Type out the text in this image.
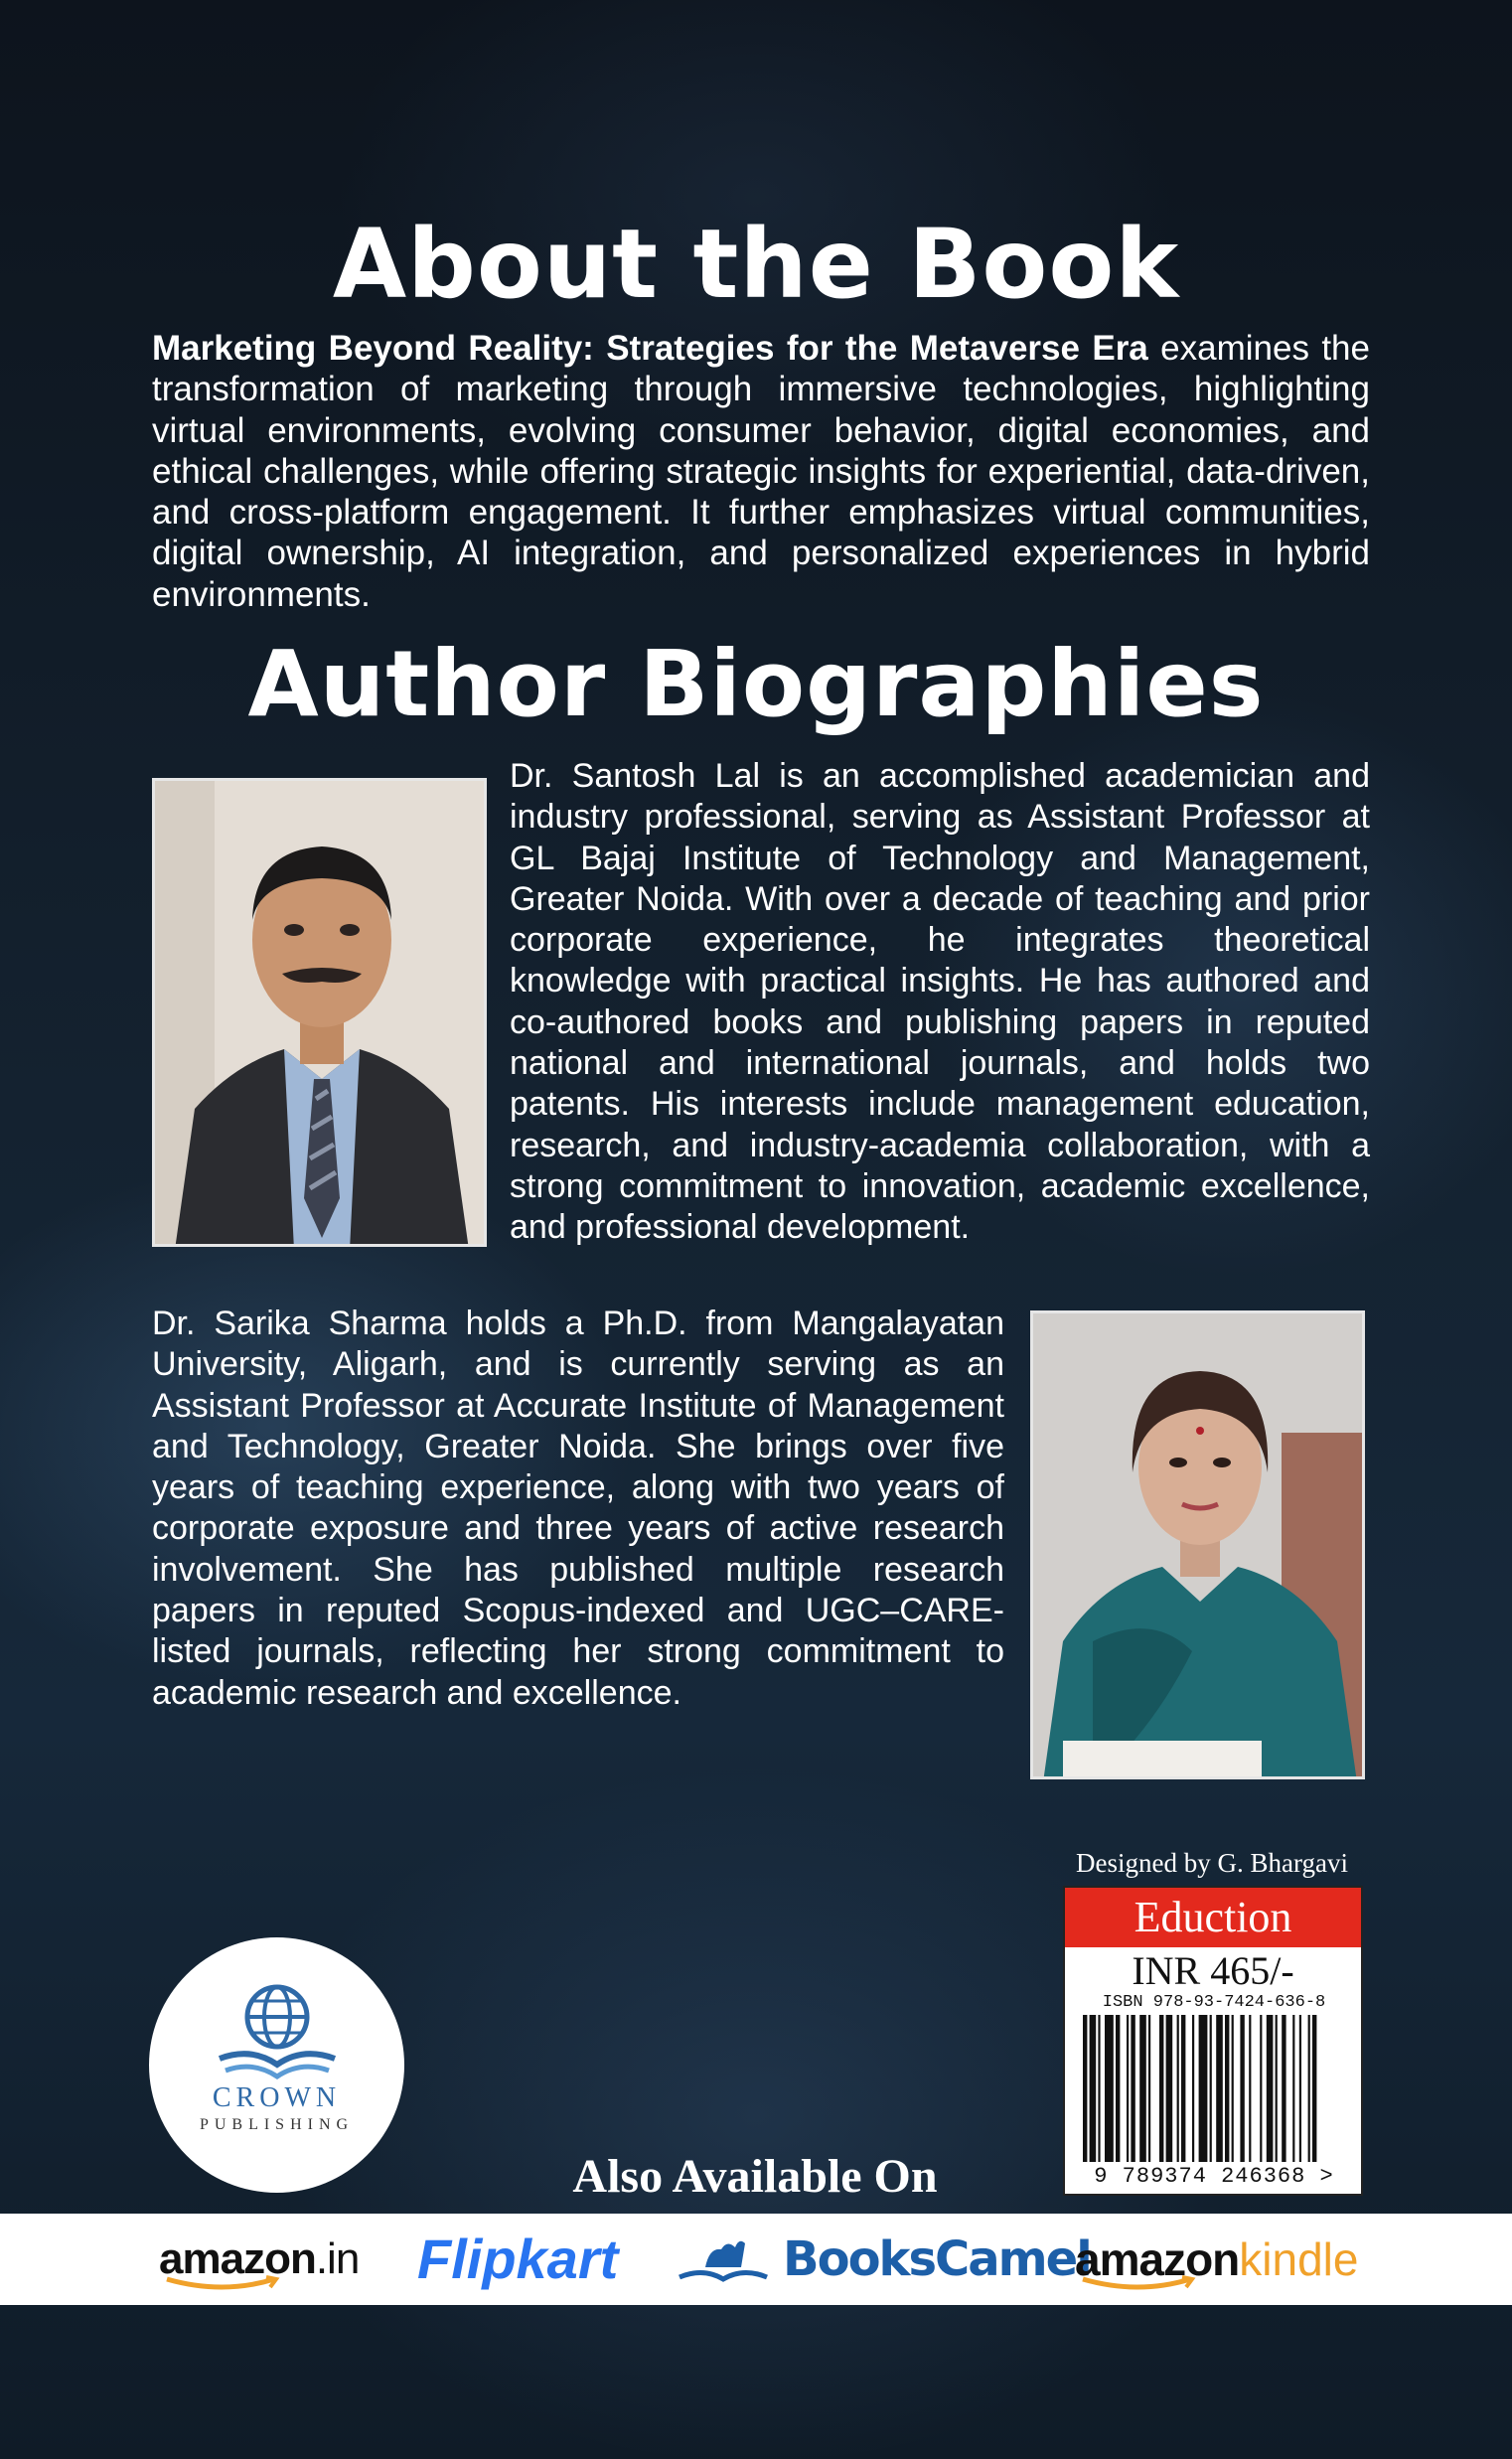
About the Book
Marketing Beyond Reality: Strategies for the Metaverse Era examines the transformation of marketing through immersive technologies, highlighting virtual environments, evolving consumer behavior, digital economies, and ethical challenges, while offering strategic insights for experiential, data-driven, and cross-platform engagement. It further emphasizes virtual communities, digital ownership, AI integration, and personalized experiences in hybrid environments.
Author Biographies
Dr. Santosh Lal is an accomplished academician and industry professional, serving as Assistant Professor at GL Bajaj Institute of Technology and Management, Greater Noida. With over a decade of teaching and prior corporate experience, he integrates theoretical knowledge with practical insights. He has authored and co-authored books and publishing papers in reputed national and international journals, and holds two patents. His interests include management education, research, and industry-academia collaboration, with a strong commitment to innovation, academic excellence, and professional development.
Dr. Sarika Sharma holds a Ph.D. from Mangalayatan University, Aligarh, and is currently serving as an Assistant Professor at Accurate Institute of Management and Technology, Greater Noida. She brings over five years of teaching experience, along with two years of corporate exposure and three years of active research involvement. She has published multiple research papers in reputed Scopus-indexed and UGC–CARE-listed journals, reflecting her strong commitment to academic research and excellence.
Designed by G. Bhargavi
Eduction
INR 465/-
ISBN 978-93-7424-636-8
9 789374 246368 >
CROWN
PUBLISHING
Also Available On
amazon.in Flipkart	BooksCamel
amazonkindle
